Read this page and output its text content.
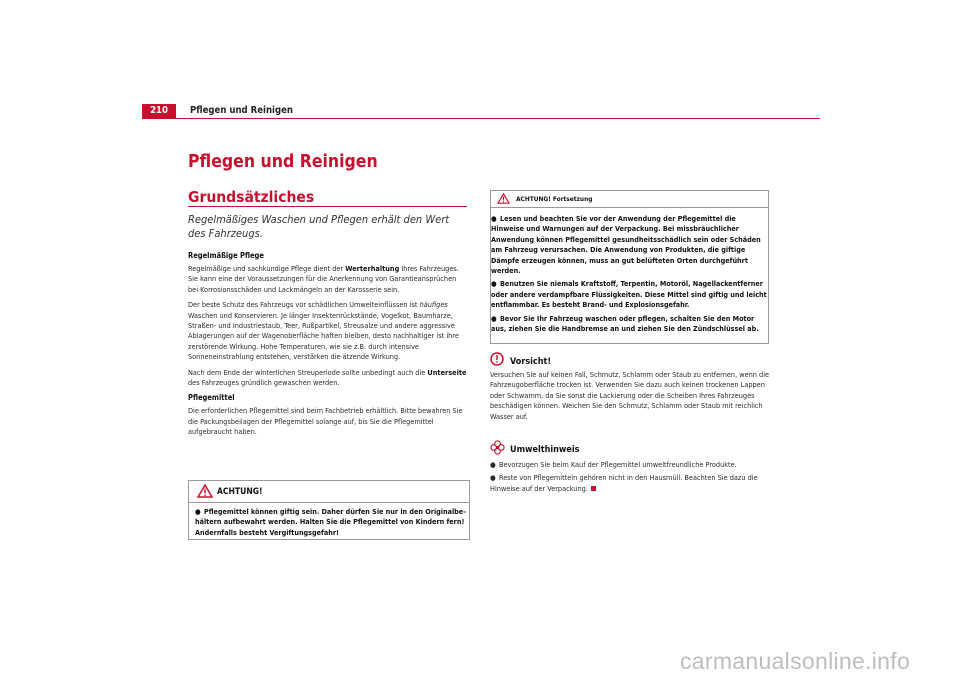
210	Pflegen und Reinigen
Pflegen und Reinigen
Grundsätzliches

Regelmäßiges Waschen und Pflegen erhält den Wert des Fahrzeugs.

Regelmäßige Pflege

Regelmäßige und sachkundige Pflege dient der Werterhaltung Ihres Fahrzeuges. Sie kann eine der Voraussetzungen für die Anerkennung von Garantieansprüchen bei Korrosionsschäden und Lackmängeln an der Karosserie sein.

Der beste Schutz des Fahrzeugs vor schädlichen Umwelteinflüssen ist häufiges Waschen und Konservieren. Je länger Insektenrückstände, Vogelkot, Baumharze, Straßen- und Industriestaub, Teer, Rußpartikel, Streusalze und andere aggressive Ablagerungen auf der Wagenoberfläche haften bleiben, desto nachhaltiger ist ihre zerstörende Wirkung. Hohe Temperaturen, wie sie z.B. durch intensive Sonneneinstrahlung entstehen, verstärken die ätzende Wirkung.

Nach dem Ende der winterlichen Streuperiode sollte unbedingt auch die Unterseite des Fahrzeuges gründlich gewaschen werden.

Pflegemittel

Die erforderlichen Pflegemittel sind beim Fachbetrieb erhältlich. Bitte bewahren Sie die Packungsbeilagen der Pflegemittel solange auf, bis Sie die Pflegemittel aufgebraucht haben.

ACHTUNG!
● Pflegemittel können giftig sein. Daher dürfen Sie nur in den Originalbehältern aufbewahrt werden. Halten Sie die Pflegemittel von Kindern fern! Andernfalls besteht Vergiftungsgefahr!
ACHTUNG! Fortsetzung

● Lesen und beachten Sie vor der Anwendung der Pflegemittel die Hinweise und Warnungen auf der Verpackung. Bei missbräuchlicher Anwendung können Pflegemittel gesundheitsschädlich sein oder Schäden am Fahrzeug verursachen. Die Anwendung von Produkten, die giftige Dämpfe erzeugen können, muss an gut belüfteten Orten durchgeführt werden.

● Benutzen Sie niemals Kraftstoff, Terpentin, Motoröl, Nagellackentferner oder andere verdampfbare Flüssigkeiten. Diese Mittel sind giftig und leicht entflammbar. Es besteht Brand- und Explosionsgefahr.

● Bevor Sie Ihr Fahrzeug waschen oder pflegen, schalten Sie den Motor aus, ziehen Sie die Handbremse an und ziehen Sie den Zündschlüssel ab.

Vorsicht!

Versuchen Sie auf keinen Fall, Schmutz, Schlamm oder Staub zu entfernen, wenn die Fahrzeugoberfläche trocken ist. Verwenden Sie dazu auch keinen trockenen Lappen oder Schwamm, da Sie sonst die Lackierung oder die Scheiben Ihres Fahrzeuges beschädigen können. Weichen Sie den Schmutz, Schlamm oder Staub mit reichlich Wasser auf.

Umwelthinweis

● Bevorzugen Sie beim Kauf der Pflegemittel umweltfreundliche Produkte.

● Reste von Pflegemitteln gehören nicht in den Hausmüll. Beachten Sie dazu die Hinweise auf der Verpackung.

carmanualsonline.info
